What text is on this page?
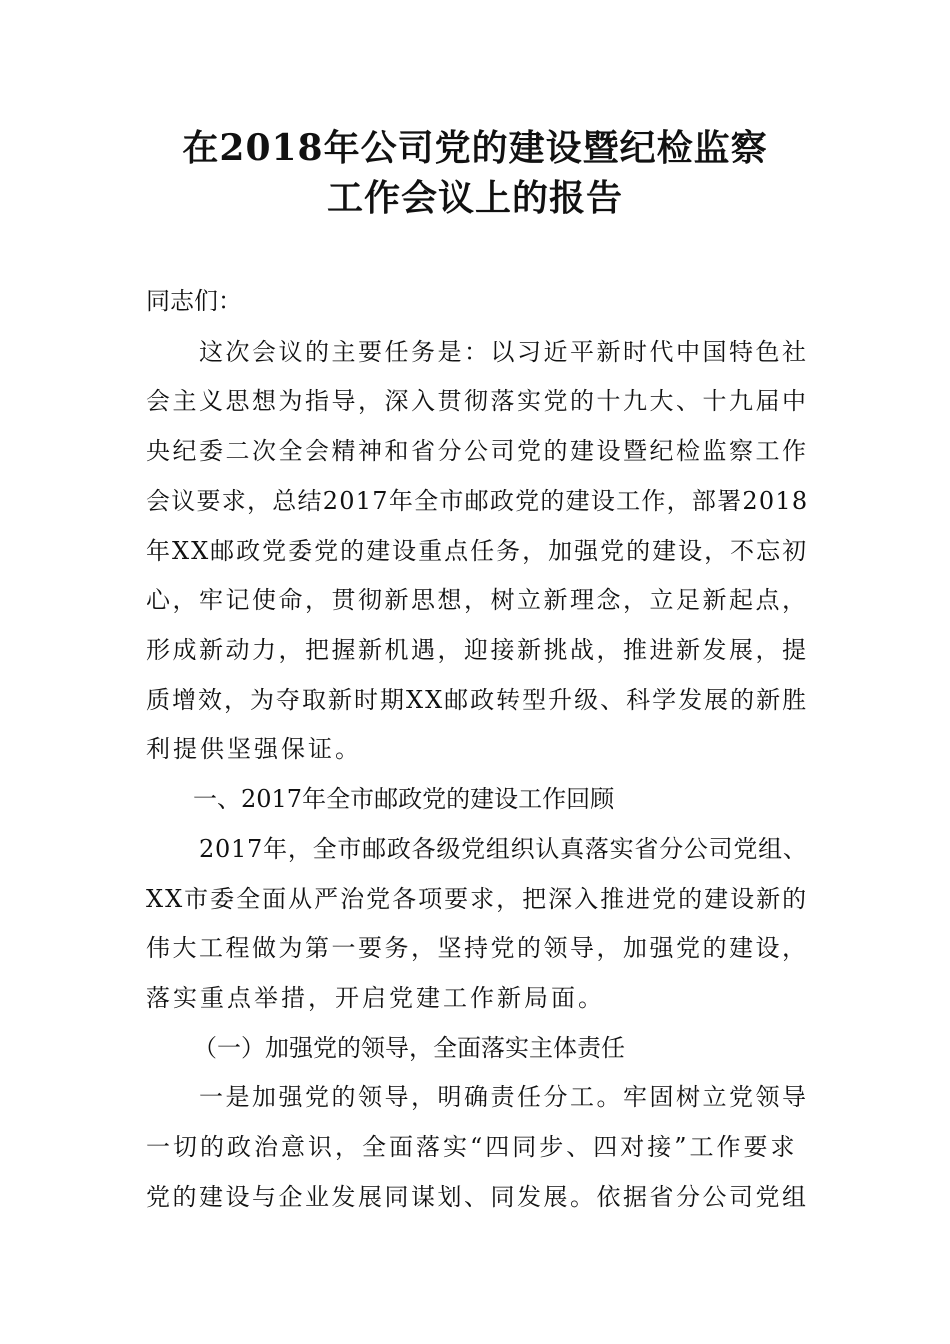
在2018年公司党的建设暨纪检监察
工作会议上的报告
同志们：
这次会议的主要任务是：以习近平新时代中国特色社
会主义思想为指导，深入贯彻落实党的十九大、十九届中
央纪委二次全会精神和省分公司党的建设暨纪检监察工作
会议要求，总结2017年全市邮政党的建设工作，部署2018
年XX邮政党委党的建设重点任务，加强党的建设，不忘初
心，牢记使命，贯彻新思想，树立新理念，立足新起点，
形成新动力，把握新机遇，迎接新挑战，推进新发展，提
质增效，为夺取新时期XX邮政转型升级、科学发展的新胜
利提供坚强保证。
一、2017年全市邮政党的建设工作回顾
2017年，全市邮政各级党组织认真落实省分公司党组、
XX市委全面从严治党各项要求，把深入推进党的建设新的
伟大工程做为第一要务，坚持党的领导，加强党的建设，
落实重点举措，开启党建工作新局面。
（一）加强党的领导，全面落实主体责任
一是加强党的领导，明确责任分工。牢固树立党领导
一切的政治意识，全面落实“四同步、四对接”工作要求
党的建设与企业发展同谋划、同发展。依据省分公司党组
